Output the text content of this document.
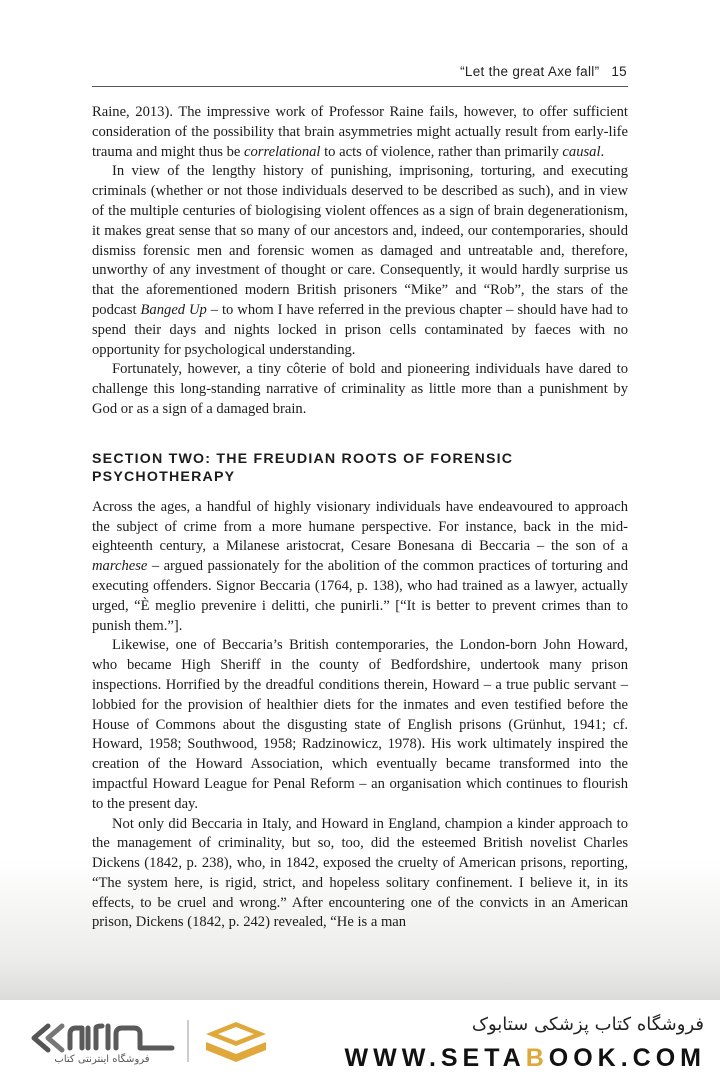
“Let the great Axe fall” 15

Raine, 2013). The impressive work of Professor Raine fails, however, to offer sufficient consideration of the possibility that brain asymmetries might actually result from early-life trauma and might thus be correlational to acts of violence, rather than primarily causal.

In view of the lengthy history of punishing, imprisoning, torturing, and executing criminals (whether or not those individuals deserved to be described as such), and in view of the multiple centuries of biologising violent offences as a sign of brain degenerationism, it makes great sense that so many of our ancestors and, indeed, our contemporaries, should dismiss forensic men and forensic women as damaged and untreatable and, therefore, unworthy of any investment of thought or care. Consequently, it would hardly surprise us that the aforementioned modern British prisoners “Mike” and “Rob”, the stars of the podcast Banged Up – to whom I have referred in the previous chapter – should have had to spend their days and nights locked in prison cells contaminated by faeces with no opportunity for psychological understanding.

Fortunately, however, a tiny côterie of bold and pioneering individuals have dared to challenge this long-standing narrative of criminality as little more than a punishment by God or as a sign of a damaged brain.

SECTION TWO: THE FREUDIAN ROOTS OF FORENSIC PSYCHOTHERAPY

Across the ages, a handful of highly visionary individuals have endeavoured to approach the subject of crime from a more humane perspective. For instance, back in the mid-eighteenth century, a Milanese aristocrat, Cesare Bonesana di Beccaria – the son of a marchese – argued passionately for the abolition of the common practices of torturing and executing offenders. Signor Beccaria (1764, p. 138), who had trained as a lawyer, actually urged, “È meglio prevenire i delitti, che punirli.” [“It is better to prevent crimes than to punish them.”].

Likewise, one of Beccaria’s British contemporaries, the London-born John Howard, who became High Sheriff in the county of Bedfordshire, undertook many prison inspections. Horrified by the dreadful conditions therein, Howard – a true public servant – lobbied for the provision of healthier diets for the inmates and even testified before the House of Commons about the disgusting state of English prisons (Grünhut, 1941; cf. Howard, 1958; Southwood, 1958; Radzinowicz, 1978). His work ultimately inspired the creation of the Howard Association, which eventually became transformed into the impactful Howard League for Penal Reform – an organisation which continues to flourish to the present day.

Not only did Beccaria in Italy, and Howard in England, champion a kinder approach to the management of criminality, but so, too, did the esteemed British novelist Charles Dickens (1842, p. 238), who, in 1842, exposed the cruelty of American prisons, reporting, “The system here, is rigid, strict, and hopeless solitary confinement. I believe it, in its effects, to be cruel and wrong.” After encountering one of the convicts in an American prison, Dickens (1842, p. 242) revealed, “He is a man

فروشگاه اینترنتی کتاب
فروشگاه کتاب پزشکی ستابوک
WWW.SETABOOK.COM
